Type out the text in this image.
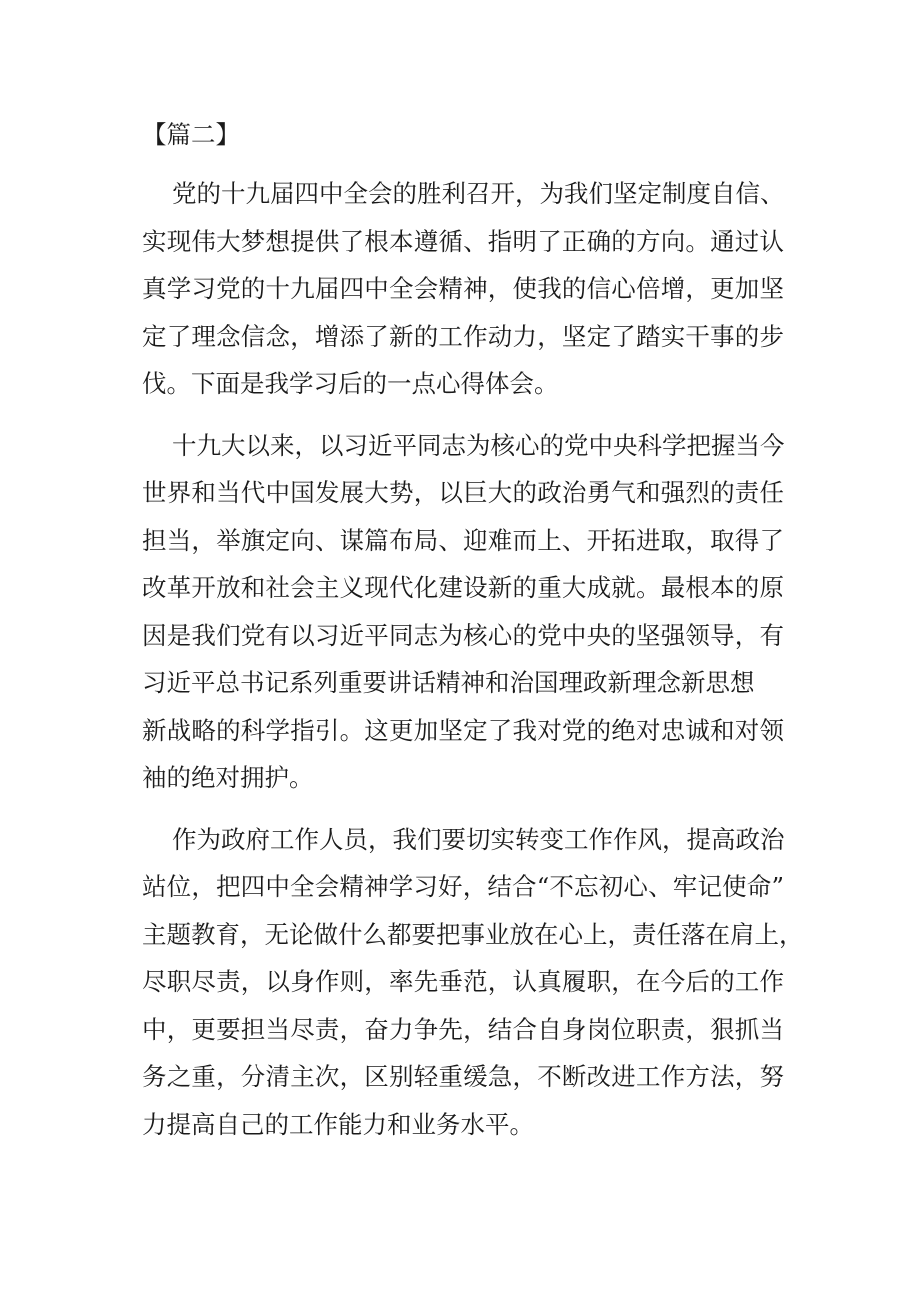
【篇二】
党的十九届四中全会的胜利召开，为我们坚定制度自信、
实现伟大梦想提供了根本遵循、指明了正确的方向。通过认
真学习党的十九届四中全会精神，使我的信心倍增，更加坚
定了理念信念，增添了新的工作动力，坚定了踏实干事的步
伐。下面是我学习后的一点心得体会。
十九大以来，以习近平同志为核心的党中央科学把握当今
世界和当代中国发展大势，以巨大的政治勇气和强烈的责任
担当，举旗定向、谋篇布局、迎难而上、开拓进取，取得了
改革开放和社会主义现代化建设新的重大成就。最根本的原
因是我们党有以习近平同志为核心的党中央的坚强领导，有
习近平总书记系列重要讲话精神和治国理政新理念新思想
新战略的科学指引。这更加坚定了我对党的绝对忠诚和对领
袖的绝对拥护。
作为政府工作人员，我们要切实转变工作作风，提高政治
站位，把四中全会精神学习好，结合“不忘初心、牢记使命”
主题教育，无论做什么都要把事业放在心上，责任落在肩上，
尽职尽责，以身作则，率先垂范，认真履职，在今后的工作
中，更要担当尽责，奋力争先，结合自身岗位职责，狠抓当
务之重，分清主次，区别轻重缓急，不断改进工作方法，努
力提高自己的工作能力和业务水平。
